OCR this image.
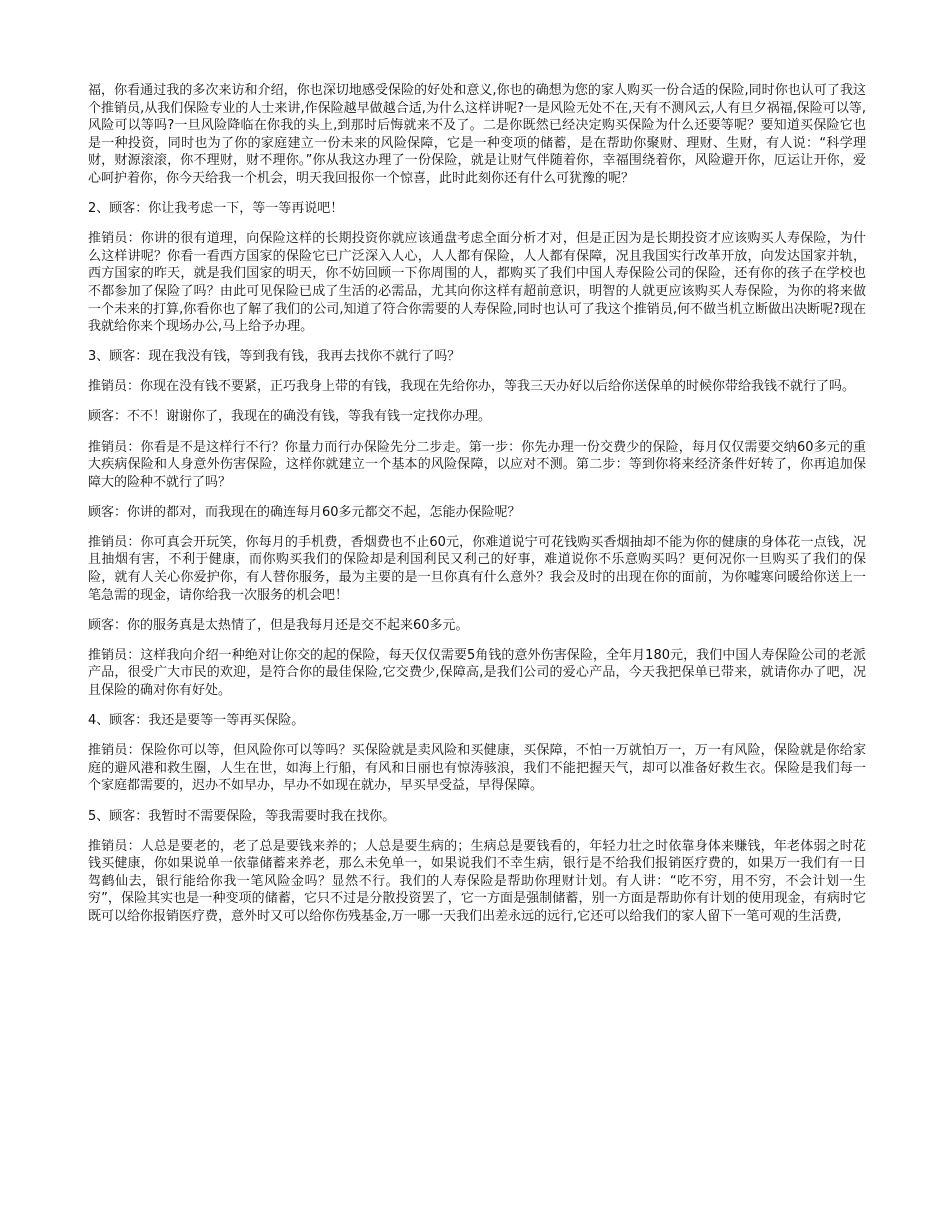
福，你看通过我的多次来访和介绍，你也深切地感受保险的好处和意义,你也的确想为您的家人购买一份合适的保险,同时你也认可了我这个推销员,从我们保险专业的人士来讲,作保险越早做越合适,为什么这样讲呢?一是风险无处不在,天有不测风云,人有旦夕祸福,保险可以等,风险可以等吗?一旦风险降临在你我的头上,到那时后悔就来不及了。二是你既然已经决定购买保险为什么还要等呢？要知道买保险它也是一种投资，同时也为了你的家庭建立一份未来的风险保障，它是一种变项的储蓄，是在帮助你聚财、理财、生财，有人说：“科学理财，财源滚滚，你不理财，财不理你。”你从我这办理了一份保险，就是让财气伴随着你，幸福围绕着你，风险避开你，厄运让开你，爱心呵护着你，你今天给我一个机会，明天我回报你一个惊喜，此时此刻你还有什么可犹豫的呢？

2、顾客：你让我考虑一下，等一等再说吧！

推销员：你讲的很有道理，向保险这样的长期投资你就应该通盘考虑全面分析才对，但是正因为是长期投资才应该购买人寿保险，为什么这样讲呢？你看一看西方国家的保险它已广泛深入人心，人人都有保险，人人都有保障，况且我国实行改革开放，向发达国家并轨，西方国家的昨天，就是我们国家的明天，你不妨回顾一下你周围的人，都购买了我们中国人寿保险公司的保险，还有你的孩子在学校也不都参加了保险了吗？由此可见保险已成了生活的必需品，尤其向你这样有超前意识，明智的人就更应该购买人寿保险，为你的将来做一个未来的打算,你看你也了解了我们的公司,知道了符合你需要的人寿保险,同时也认可了我这个推销员,何不做当机立断做出决断呢?现在我就给你来个现场办公,马上给予办理。

3、顾客：现在我没有钱，等到我有钱，我再去找你不就行了吗？

推销员：你现在没有钱不要紧，正巧我身上带的有钱，我现在先给你办，等我三天办好以后给你送保单的时候你带给我钱不就行了吗。

顾客：不不！谢谢你了，我现在的确没有钱，等我有钱一定找你办理。

推销员：你看是不是这样行不行？你量力而行办保险先分二步走。第一步：你先办理一份交费少的保险，每月仅仅需要交纳60多元的重大疾病保险和人身意外伤害保险，这样你就建立一个基本的风险保障，以应对不测。第二步：等到你将来经济条件好转了，你再追加保障大的险种不就行了吗？

顾客：你讲的都对，而我现在的确连每月60多元都交不起，怎能办保险呢？

推销员：你可真会开玩笑，你每月的手机费，香烟费也不止60元，你难道说宁可花钱购买香烟抽却不能为你的健康的身体花一点钱，况且抽烟有害，不利于健康，而你购买我们的保险却是利国利民又利己的好事，难道说你不乐意购买吗？更何况你一旦购买了我们的保险，就有人关心你爱护你，有人替你服务，最为主要的是一旦你真有什么意外？我会及时的出现在你的面前，为你嘘寒问暖给你送上一笔急需的现金，请你给我一次服务的机会吧！

顾客：你的服务真是太热情了，但是我每月还是交不起来60多元。

推销员：这样我向介绍一种绝对让你交的起的保险，每天仅仅需要5角钱的意外伤害保险，全年月180元，我们中国人寿保险公司的老派产品，很受广大市民的欢迎，是符合你的最佳保险,它交费少,保障高,是我们公司的爱心产品，今天我把保单已带来，就请你办了吧，况且保险的确对你有好处。

4、顾客：我还是要等一等再买保险。

推销员：保险你可以等，但风险你可以等吗？买保险就是卖风险和买健康，买保障，不怕一万就怕万一，万一有风险，保险就是你给家庭的避风港和救生圈，人生在世，如海上行船，有风和日丽也有惊涛骇浪，我们不能把握天气，却可以准备好救生衣。保险是我们每一个家庭都需要的，迟办不如早办，早办不如现在就办，早买早受益，早得保障。

5、顾客：我暂时不需要保险，等我需要时我在找你。

推销员：人总是要老的，老了总是要钱来养的；人总是要生病的；生病总是要钱看的，年轻力壮之时依靠身体来赚钱，年老体弱之时花钱买健康，你如果说单一依靠储蓄来养老，那么未免单一，如果说我们不幸生病，银行是不给我们报销医疗费的，如果万一我们有一日驾鹤仙去，银行能给你我一笔风险金吗？显然不行。我们的人寿保险是帮助你理财计划。有人讲：“吃不穷，用不穷，不会计划一生穷”，保险其实也是一种变项的储蓄，它只不过是分散投资罢了，它一方面是强制储蓄，别一方面是帮助你有计划的使用现金，有病时它既可以给你报销医疗费，意外时又可以给你伤残基金,万一哪一天我们出差永远的远行,它还可以给我们的家人留下一笔可观的生活费,
